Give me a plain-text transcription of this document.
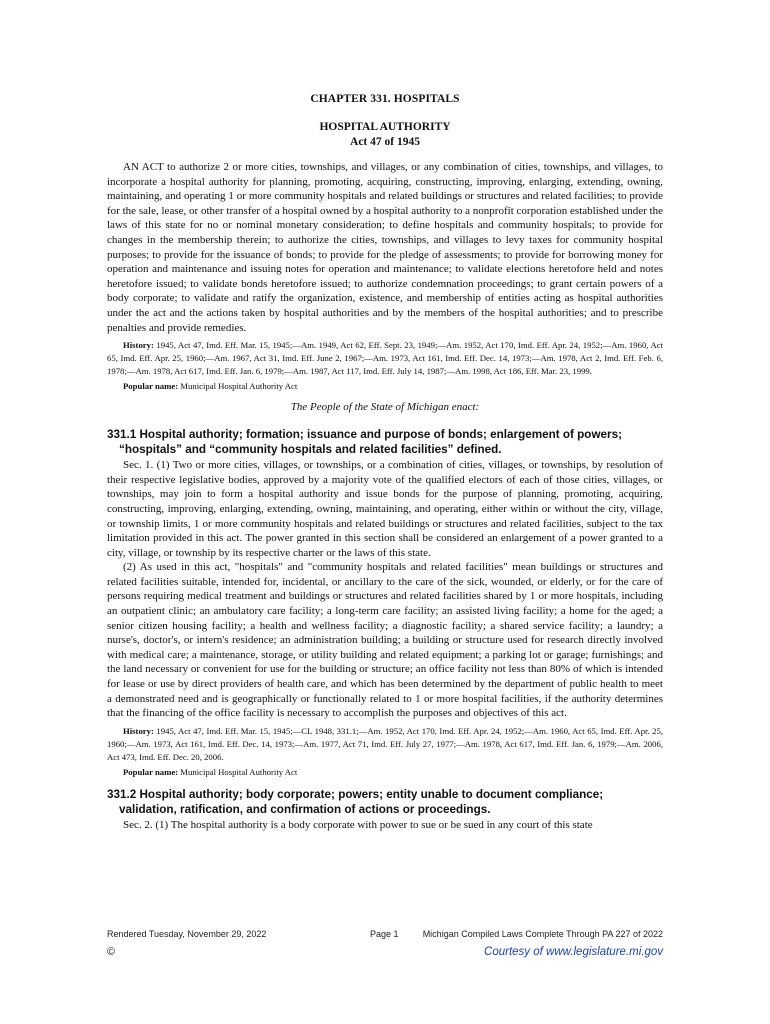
CHAPTER 331. HOSPITALS
HOSPITAL AUTHORITY
Act 47 of 1945

AN ACT to authorize 2 or more cities, townships, and villages, or any combination of cities, townships, and villages, to incorporate a hospital authority for planning, promoting, acquiring, constructing, improving, enlarging, extending, owning, maintaining, and operating 1 or more community hospitals and related buildings or structures and related facilities; to provide for the sale, lease, or other transfer of a hospital owned by a hospital authority to a nonprofit corporation established under the laws of this state for no or nominal monetary consideration; to define hospitals and community hospitals; to provide for changes in the membership therein; to authorize the cities, townships, and villages to levy taxes for community hospital purposes; to provide for the issuance of bonds; to provide for the pledge of assessments; to provide for borrowing money for operation and maintenance and issuing notes for operation and maintenance; to validate elections heretofore held and notes heretofore issued; to validate bonds heretofore issued; to authorize condemnation proceedings; to grant certain powers of a body corporate; to validate and ratify the organization, existence, and membership of entities acting as hospital authorities under the act and the actions taken by hospital authorities and by the members of the hospital authorities; and to prescribe penalties and provide remedies.

History: 1945, Act 47, Imd. Eff. Mar. 15, 1945;—Am. 1949, Act 62, Eff. Sept. 23, 1949;—Am. 1952, Act 170, Imd. Eff. Apr. 24, 1952;—Am. 1960, Act 65, Imd. Eff. Apr. 25, 1960;—Am. 1967, Act 31, Imd. Eff. June 2, 1967;—Am. 1973, Act 161, Imd. Eff. Dec. 14, 1973;—Am. 1978, Act 2, Imd. Eff. Feb. 6, 1978;—Am. 1978, Act 617, Imd. Eff. Jan. 6, 1979;—Am. 1987, Act 117, Imd. Eff. July 14, 1987;—Am. 1998, Act 186, Eff. Mar. 23, 1999.

Popular name: Municipal Hospital Authority Act

The People of the State of Michigan enact:
331.1 Hospital authority; formation; issuance and purpose of bonds; enlargement of powers; “hospitals” and “community hospitals and related facilities” defined.

Sec. 1. (1) Two or more cities, villages, or townships, or a combination of cities, villages, or townships, by resolution of their respective legislative bodies, approved by a majority vote of the qualified electors of each of those cities, villages, or townships, may join to form a hospital authority and issue bonds for the purpose of planning, promoting, acquiring, constructing, improving, enlarging, extending, owning, maintaining, and operating, either within or without the city, village, or township limits, 1 or more community hospitals and related buildings or structures and related facilities, subject to the tax limitation provided in this act. The power granted in this section shall be considered an enlargement of a power granted to a city, village, or township by its respective charter or the laws of this state.

(2) As used in this act, "hospitals" and "community hospitals and related facilities" mean buildings or structures and related facilities suitable, intended for, incidental, or ancillary to the care of the sick, wounded, or elderly, or for the care of persons requiring medical treatment and buildings or structures and related facilities shared by 1 or more hospitals, including an outpatient clinic; an ambulatory care facility; a long-term care facility; an assisted living facility; a home for the aged; a senior citizen housing facility; a health and wellness facility; a diagnostic facility; a shared service facility; a laundry; a nurse's, doctor's, or intern's residence; an administration building; a building or structure used for research directly involved with medical care; a maintenance, storage, or utility building and related equipment; a parking lot or garage; furnishings; and the land necessary or convenient for use for the building or structure; an office facility not less than 80% of which is intended for lease or use by direct providers of health care, and which has been determined by the department of public health to meet a demonstrated need and is geographically or functionally related to 1 or more hospital facilities, if the authority determines that the financing of the office facility is necessary to accomplish the purposes and objectives of this act.

History: 1945, Act 47, Imd. Eff. Mar. 15, 1945;—CL 1948, 331.1;—Am. 1952, Act 170, Imd. Eff. Apr. 24, 1952;—Am. 1960, Act 65, Imd. Eff. Apr. 25, 1960;—Am. 1973, Act 161, Imd. Eff. Dec. 14, 1973;—Am. 1977, Act 71, Imd. Eff. July 27, 1977;—Am. 1978, Act 617, Imd. Eff. Jan. 6, 1979;—Am. 2006, Act 473, Imd. Eff. Dec. 20, 2006.

Popular name: Municipal Hospital Authority Act

331.2 Hospital authority; body corporate; powers; entity unable to document compliance; validation, ratification, and confirmation of actions or proceedings.

Sec. 2. (1) The hospital authority is a body corporate with power to sue or be sued in any court of this state

Rendered Tuesday, November 29, 2022	Page 1	Michigan Compiled Laws Complete Through PA 227 of 2022
©	Courtesy of www.legislature.mi.gov
